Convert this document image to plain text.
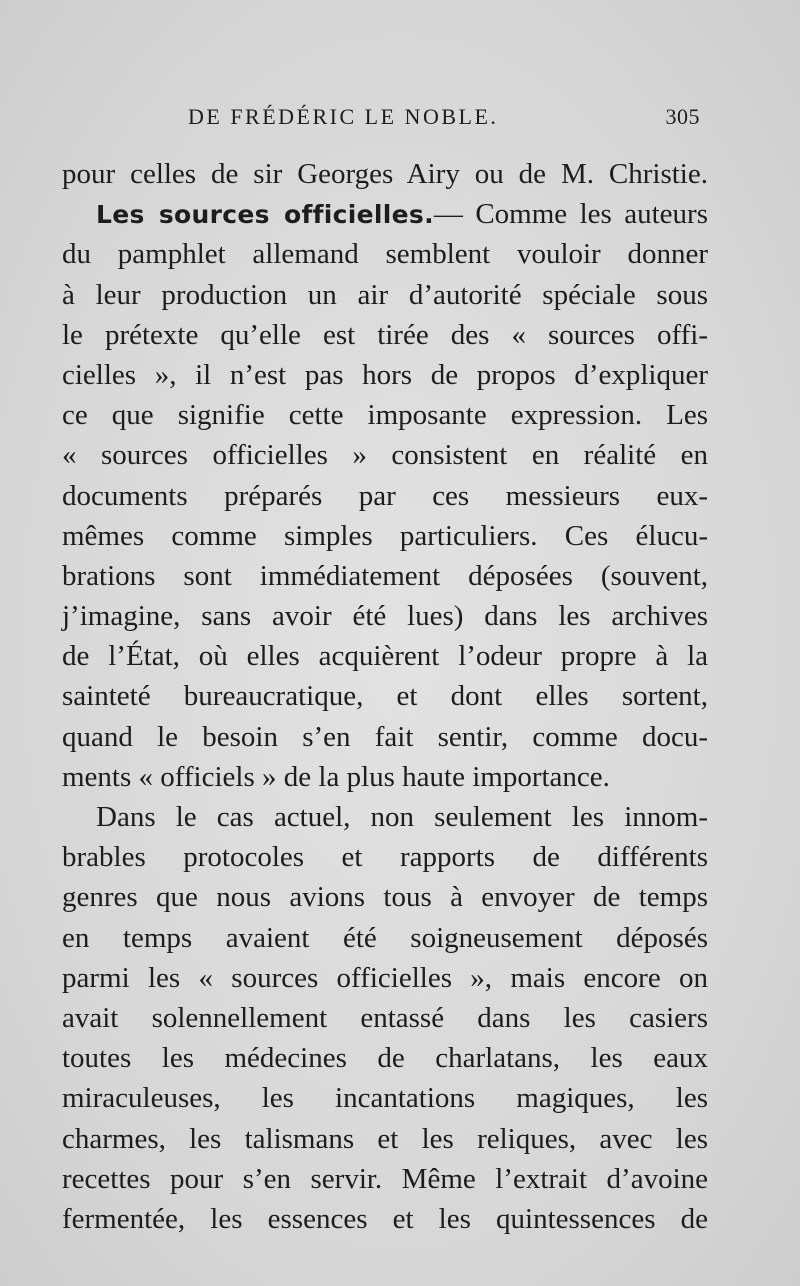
DE FRÉDÉRIC LE NOBLE.	305
pour celles de sir Georges Airy ou de M. Christie.
Les sources officielles.— Comme les auteurs
du pamphlet allemand semblent vouloir donner
à leur production un air d’autorité spéciale sous
le prétexte qu’elle est tirée des « sources offi-
cielles », il n’est pas hors de propos d’expliquer
ce que signifie cette imposante expression. Les
« sources officielles » consistent en réalité en
documents préparés par ces messieurs eux-
mêmes comme simples particuliers. Ces élucu-
brations sont immédiatement déposées (souvent,
j’imagine, sans avoir été lues) dans les archives
de l’État, où elles acquièrent l’odeur propre à la
sainteté bureaucratique, et dont elles sortent,
quand le besoin s’en fait sentir, comme docu-
ments « officiels » de la plus haute importance.
Dans le cas actuel, non seulement les innom-
brables protocoles et rapports de différents
genres que nous avions tous à envoyer de temps
en temps avaient été soigneusement déposés
parmi les « sources officielles », mais encore on
avait solennellement entassé dans les casiers
toutes les médecines de charlatans, les eaux
miraculeuses, les incantations magiques, les
charmes, les talismans et les reliques, avec les
recettes pour s’en servir. Même l’extrait d’avoine
fermentée, les essences et les quintessences de
